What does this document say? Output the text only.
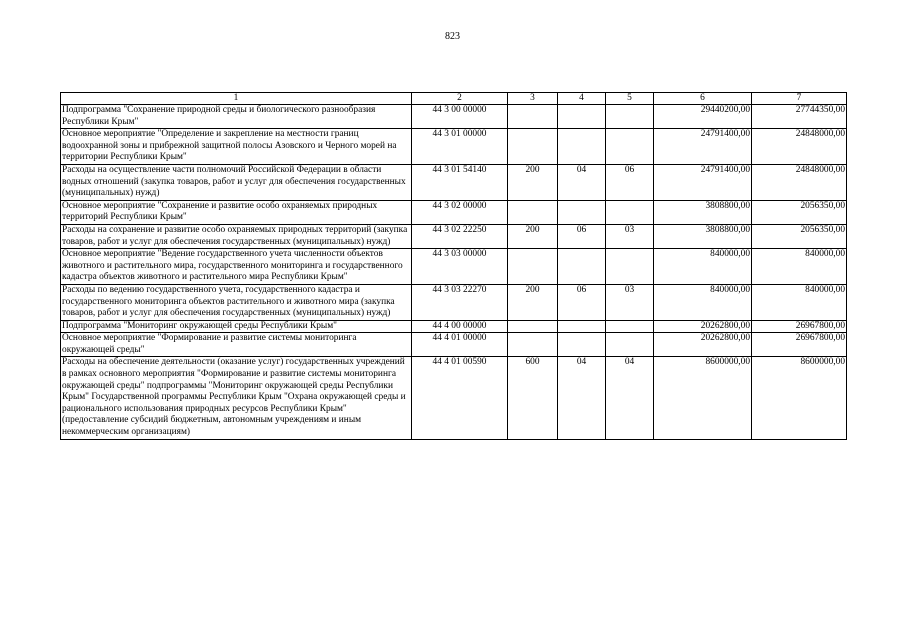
823
1	2	3	4	5	6	7
Подпрограмма "Сохранение природной среды и биологического разнообразия Республики Крым"	44 3 00 00000				29440200,00	27744350,00
Основное мероприятие "Определение и закрепление на местности границ водоохранной зоны и прибрежной защитной полосы Азовского и Черного морей на территории Республики Крым"	44 3 01 00000				24791400,00	24848000,00
Расходы на осуществление части полномочий Российской Федерации в области водных отношений (закупка товаров, работ и услуг для обеспечения государственных (муниципальных) нужд)	44 3 01 54140	200	04	06	24791400,00	24848000,00
Основное мероприятие "Сохранение и развитие особо охраняемых природных территорий Республики Крым"	44 3 02 00000				3808800,00	2056350,00
Расходы на сохранение и развитие особо охраняемых природных территорий (закупка товаров, работ и услуг для обеспечения государственных (муниципальных) нужд)	44 3 02 22250	200	06	03	3808800,00	2056350,00
Основное мероприятие "Ведение государственного учета численности объектов животного и растительного мира, государственного мониторинга и государственного кадастра объектов животного и растительного мира Республики Крым"	44 3 03 00000				840000,00	840000,00
Расходы по ведению государственного учета, государственного кадастра и государственного мониторинга объектов растительного и животного мира (закупка товаров, работ и услуг для обеспечения государственных (муниципальных) нужд)	44 3 03 22270	200	06	03	840000,00	840000,00
Подпрограмма "Мониторинг окружающей среды Республики Крым"	44 4 00 00000				20262800,00	26967800,00
Основное мероприятие "Формирование и развитие системы мониторинга окружающей среды"	44 4 01 00000				20262800,00	26967800,00
Расходы на обеспечение деятельности (оказание услуг) государственных учреждений в рамках основного мероприятия "Формирование и развитие системы мониторинга окружающей среды" подпрограммы "Мониторинг окружающей среды Республики Крым" Государственной программы Республики Крым "Охрана окружающей среды и рационального использования природных ресурсов Республики Крым" (предоставление субсидий бюджетным, автономным учреждениям и иным некоммерческим организациям)	44 4 01 00590	600	04	04	8600000,00	8600000,00
